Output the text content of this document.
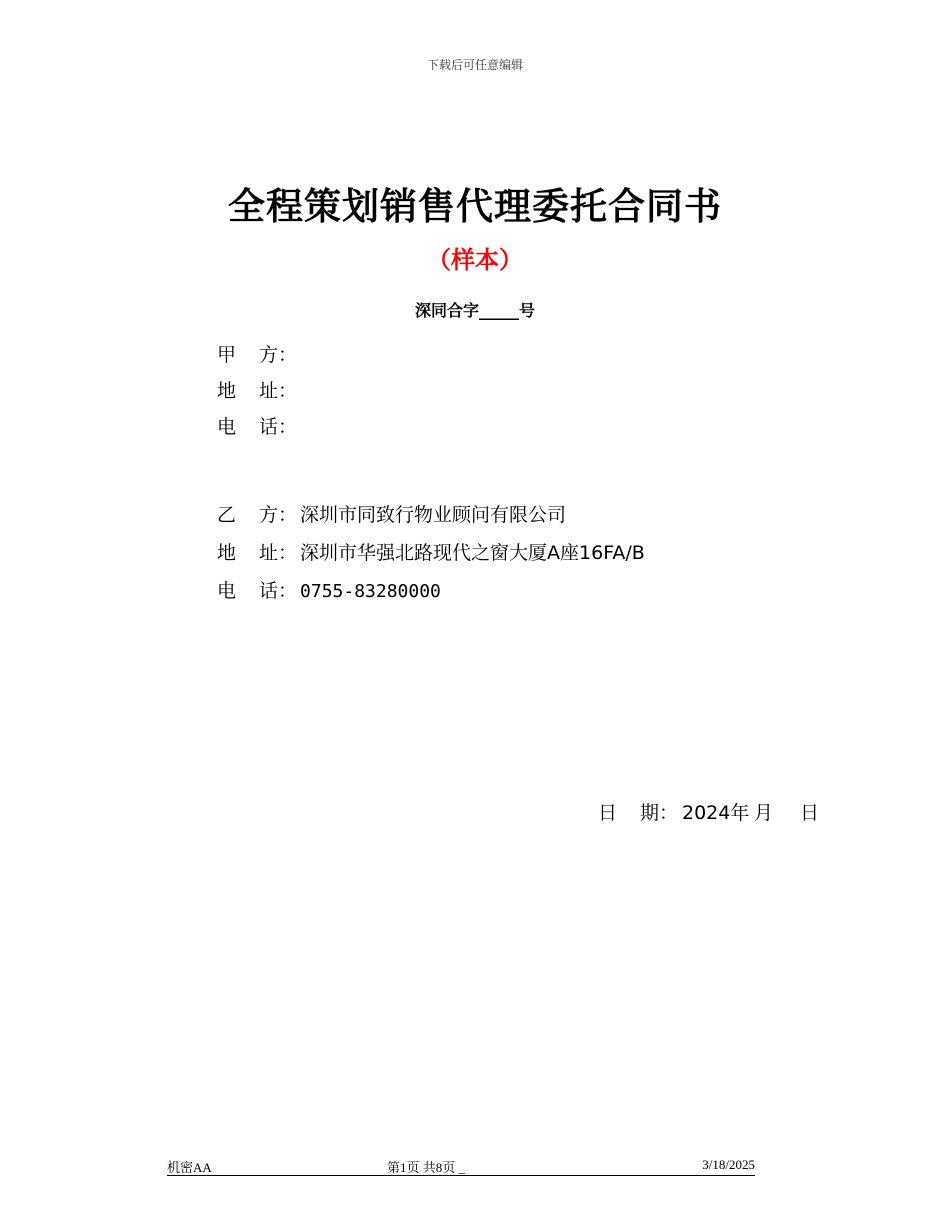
下载后可任意编辑
全程策划销售代理委托合同书
（样本）
深同合字_____号
甲	方 ：
地	址 ：
电	话 ：
乙	方 ： 深圳市同致行物业顾问有限公司
地	址 ： 深圳市华强北路现代之窗大厦A座16FA/B
电	话 ： 0755-83280000
日 期： 2024年 月 日
机密AA	第1页 共8页 _	3/18/2025
